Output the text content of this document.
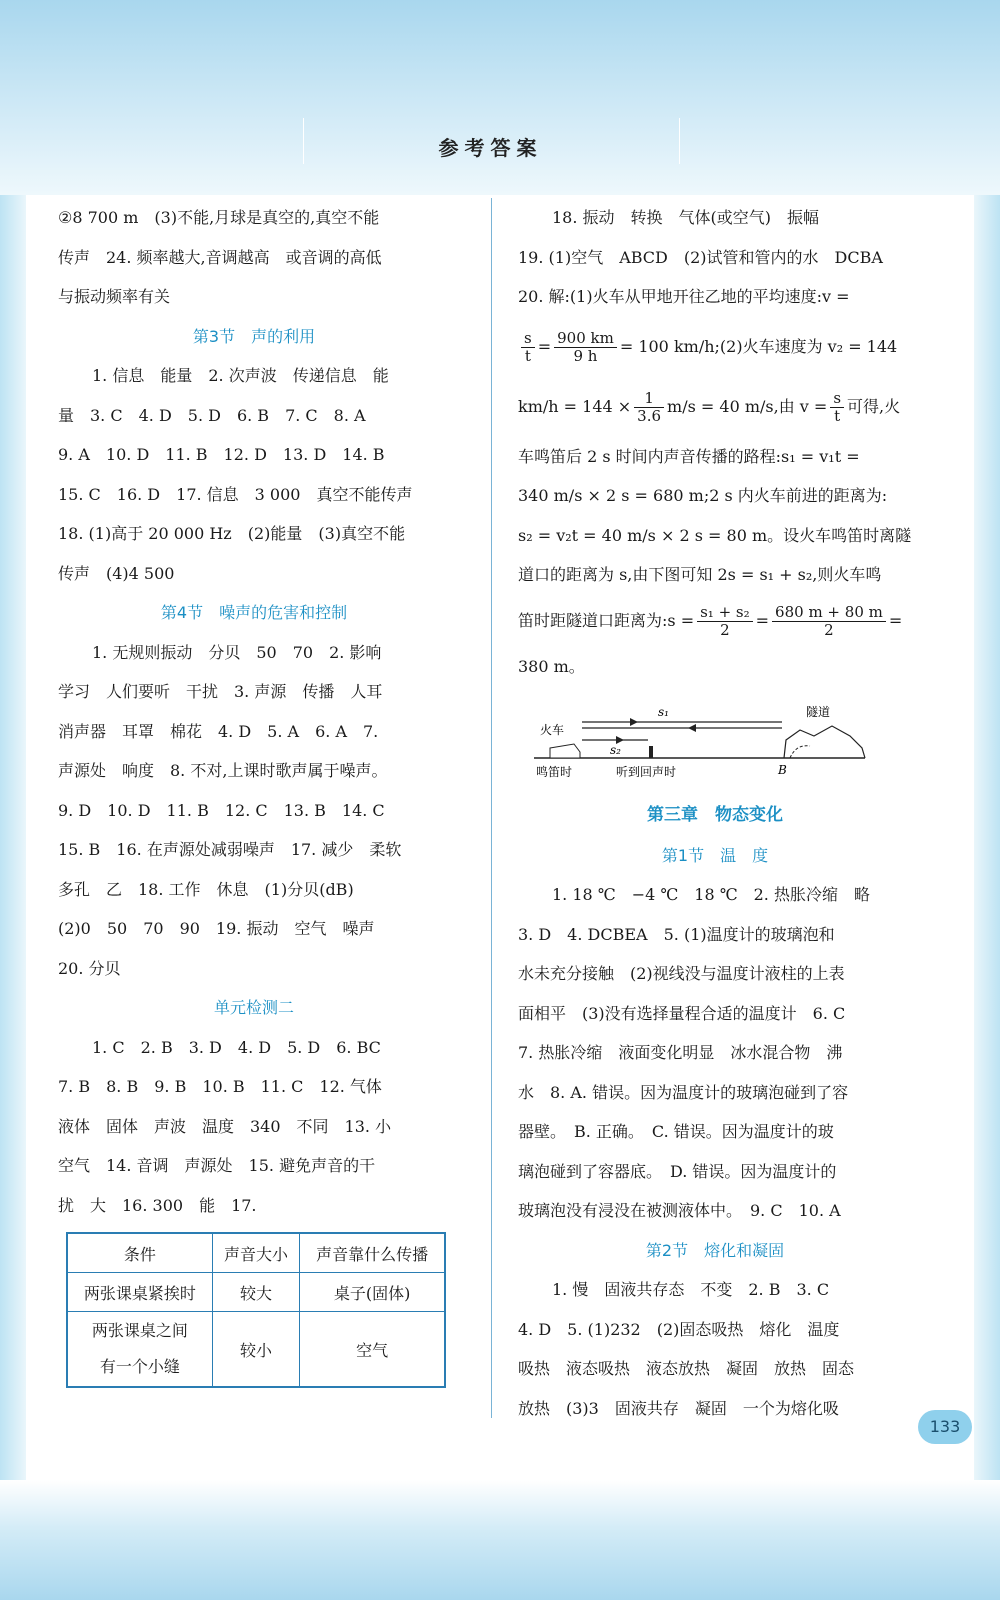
参考答案
②8 700 m　(3)不能,月球是真空的,真空不能
传声　24. 频率越大,音调越高　或音调的高低
与振动频率有关
第3节　声的利用
1. 信息　能量　2. 次声波　传递信息　能
量　3. C　4. D　5. D　6. B　7. C　8. A
9. A　10. D　11. B　12. D　13. D　14. B
15. C　16. D　17. 信息　3 000　真空不能传声
18. (1)高于 20 000 Hz　(2)能量　(3)真空不能
传声　(4)4 500
第4节　噪声的危害和控制
1. 无规则振动　分贝　50　70　2. 影响
学习　人们要听　干扰　3. 声源　传播　人耳
消声器　耳罩　棉花　4. D　5. A　6. A　7.
声源处　响度　8. 不对,上课时歌声属于噪声。
9. D　10. D　11. B　12. C　13. B　14. C
15. B　16. 在声源处减弱噪声　17. 减少　柔软
多孔　乙　18. 工作　休息　(1)分贝(dB)
(2)0　50　70　90　19. 振动　空气　噪声
20. 分贝
单元检测二
1. C　2. B　3. D　4. D　5. D　6. BC
7. B　8. B　9. B　10. B　11. C　12. 气体
液体　固体　声波　温度　340　不同　13. 小
空气　14. 音调　声源处　15. 避免声音的干
扰　大　16. 300　能　17.
条件	声音大小	声音靠什么传播
两张课桌紧挨时	较大	桌子(固体)

两张课桌之间
有一个小缝	较小	空气
18. 振动　转换　气体(或空气)　振幅
19. (1)空气　ABCD　(2)试管和管内的水　DCBA
20. 解:(1)火车从甲地开往乙地的平均速度:v =
$\frac{s}{t} = \frac{900 km}{9 h} = 100$ km/h;(2)火车速度为 v₂ = 144
$km/h = 144 \times \frac{1}{3.6} m/s = 40$ m/s,由 $v = \frac{s}{t}$ 可得,火
车鸣笛后 2 s 时间内声音传播的路程:s₁ = v₁t =
340 m/s × 2 s = 680 m;2 s 内火车前进的距离为:
s₂ = v₂t = 40 m/s × 2 s = 80 m。设火车鸣笛时离隧
道口的距离为 s,由下图可知 2s = s₁ + s₂,则火车鸣
笛时距隧道口距离为:s = $\frac{\text{s₁ + s₂}}{2} = \frac{680 m + 80 m}{2}$ =
380 m。
第三章　物态变化
第1节　温　度
1. 18 ℃　−4 ℃　18 ℃　2. 热胀冷缩　略
3. D　4. DCBEA　5. (1)温度计的玻璃泡和
水未充分接触　(2)视线没与温度计液柱的上表
面相平　(3)没有选择量程合适的温度计　6. C
7. 热胀冷缩　液面变化明显　冰水混合物　沸
水　8. A. 错误。因为温度计的玻璃泡碰到了容
器壁。　B. 正确。　C. 错误。因为温度计的玻
璃泡碰到了容器底。　D. 错误。因为温度计的
玻璃泡没有浸没在被测液体中。　9. C　10. A
第2节　熔化和凝固
1. 慢　固液共存态　不变　2. B　3. C
4. D　5. (1)232　(2)固态吸热　熔化　温度
吸热　液态吸热　液态放热　凝固　放热　固态
放热　(3)3　固液共存　凝固　一个为熔化吸
s₁
s₂
火车
隧道
B
鸣笛时	听到回声时
133
